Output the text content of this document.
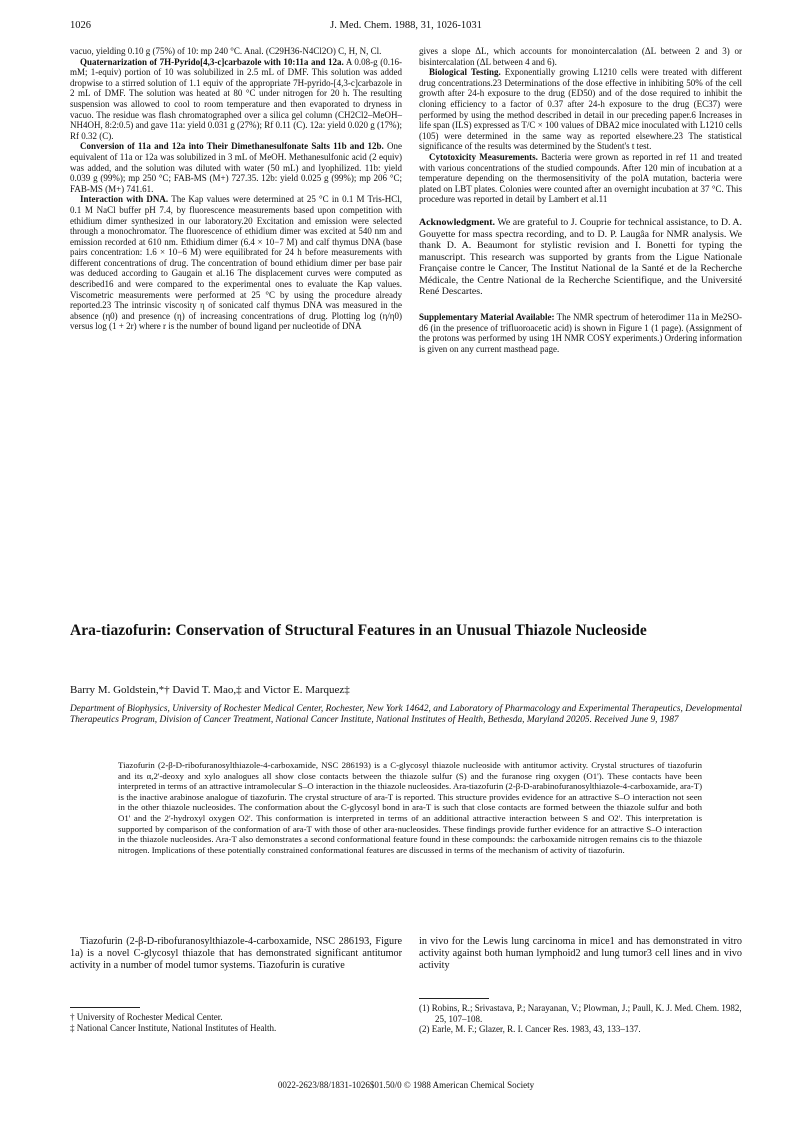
1026	J. Med. Chem. 1988, 31, 1026-1031

vacuo, yielding 0.10 g (75%) of 10: mp 240 °C. Anal. (C29H36-N4Cl2O) C, H, N, Cl.

Quaternarization of 7H-Pyrido[4,3-c]carbazole with 10:11a and 12a. A 0.08-g (0.16-mM; 1-equiv) portion of 10 was solubilized in 2.5 mL of DMF. This solution was added dropwise to a stirred solution of 1.1 equiv of the appropriate 7H-pyrido-[4,3-c]carbazole in 2 mL of DMF. The solution was heated at 80 °C under nitrogen for 20 h. The resulting suspension was allowed to cool to room temperature and then evaporated to dryness in vacuo. The residue was flash chromatographed over a silica gel column (CH2Cl2–MeOH–NH4OH, 8:2:0.5) and gave 11a: yield 0.031 g (27%); Rf 0.11 (C). 12a: yield 0.020 g (17%); Rf 0.32 (C).

Conversion of 11a and 12a into Their Dimethanesulfonate Salts 11b and 12b. One equivalent of 11a or 12a was solubilized in 3 mL of MeOH. Methanesulfonic acid (2 equiv) was added, and the solution was diluted with water (50 mL) and lyophilized. 11b: yield 0.039 g (99%); mp 250 °C; FAB-MS (M+) 727.35. 12b: yield 0.025 g (99%); mp 206 °C; FAB-MS (M+) 741.61.

Interaction with DNA. The Kap values were determined at 25 °C in 0.1 M Tris-HCl, 0.1 M NaCl buffer pH 7.4, by fluorescence measurements based upon competition with ethidium dimer synthesized in our laboratory.20 Excitation and emission were selected through a monochromator. The fluorescence of ethidium dimer was excited at 540 nm and emission recorded at 610 nm. Ethidium dimer (6.4 × 10−7 M) and calf thymus DNA (base pairs concentration: 1.6 × 10−6 M) were equilibrated for 24 h before measurements with different concentrations of drug. The concentration of bound ethidium dimer per base pair was deduced according to Gaugain et al.16 The displacement curves were computed as described16 and were compared to the experimental ones to evaluate the Kap values. Viscometric measurements were performed at 25 °C by using the procedure already reported.23 The intrinsic viscosity η of sonicated calf thymus DNA was measured in the absence (η0) and presence (η) of increasing concentrations of drug. Plotting log (η/η0) versus log (1 + 2r) where r is the number of bound ligand per nucleotide of DNA

gives a slope ΔL, which accounts for monointercalation (ΔL between 2 and 3) or bisintercalation (ΔL between 4 and 6).

Biological Testing. Exponentially growing L1210 cells were treated with different drug concentrations.23 Determinations of the dose effective in inhibiting 50% of the cell growth after 24-h exposure to the drug (ED50) and of the dose required to inhibit the cloning efficiency to a factor of 0.37 after 24-h exposure to the drug (EC37) were performed by using the method described in detail in our preceding paper.6 Increases in life span (ILS) expressed as T/C × 100 values of DBA2 mice inoculated with L1210 cells (105) were determined in the same way as reported elsewhere.23 The statistical significance of the results was determined by the Student's t test.

Cytotoxicity Measurements. Bacteria were grown as reported in ref 11 and treated with various concentrations of the studied compounds. After 120 min of incubation at a temperature depending on the thermosensitivity of the polA mutation, bacteria were plated on LBT plates. Colonies were counted after an overnight incubation at 37 °C. This procedure was reported in detail by Lambert et al.11

Acknowledgment. We are grateful to J. Couprie for technical assistance, to D. A. Gouyette for mass spectra recording, and to D. P. Laugâa for NMR analysis. We thank D. A. Beaumont for stylistic revision and I. Bonetti for typing the manuscript. This research was supported by grants from the Ligue Nationale Française contre le Cancer, The Institut National de la Santé et de la Recherche Médicale, the Centre National de la Recherche Scientifique, and the Université René Descartes.

Supplementary Material Available: The NMR spectrum of heterodimer 11a in Me2SO-d6 (in the presence of trifluoroacetic acid) is shown in Figure 1 (1 page). (Assignment of the protons was performed by using 1H NMR COSY experiments.) Ordering information is given on any current masthead page.

Ara-tiazofurin: Conservation of Structural Features in an Unusual Thiazole Nucleoside
Barry M. Goldstein,*† David T. Mao,‡ and Victor E. Marquez‡
Department of Biophysics, University of Rochester Medical Center, Rochester, New York 14642, and Laboratory of Pharmacology and Experimental Therapeutics, Developmental Therapeutics Program, Division of Cancer Treatment, National Cancer Institute, National Institutes of Health, Bethesda, Maryland 20205. Received June 9, 1987
Tiazofurin (2-β-D-ribofuranosylthiazole-4-carboxamide, NSC 286193) is a C-glycosyl thiazole nucleoside with antitumor activity. Crystal structures of tiazofurin and its α,2'-deoxy and xylo analogues all show close contacts between the thiazole sulfur (S) and the furanose ring oxygen (O1'). These contacts have been interpreted in terms of an attractive intramolecular S–O interaction in the thiazole nucleosides. Ara-tiazofurin (2-β-D-arabinofuranosylthiazole-4-carboxamide, ara-T) is the inactive arabinose analogue of tiazofurin. The crystal structure of ara-T is reported. This structure provides evidence for an attractive S–O interaction not seen in the other thiazole nucleosides. The conformation about the C-glycosyl bond in ara-T is such that close contacts are formed between the thiazole sulfur and both O1' and the 2'-hydroxyl oxygen O2'. This conformation is interpreted in terms of an additional attractive interaction between S and O2'. This interpretation is supported by comparison of the conformation of ara-T with those of other ara-nucleosides. These findings provide further evidence for an attractive S–O interaction in the thiazole nucleosides. Ara-T also demonstrates a second conformational feature found in these compounds: the carboxamide nitrogen remains cis to the thiazole nitrogen. Implications of these potentially constrained conformational features are discussed in terms of the mechanism of activity of tiazofurin.
Tiazofurin (2-β-D-ribofuranosylthiazole-4-carboxamide, NSC 286193, Figure 1a) is a novel C-glycosyl thiazole that has demonstrated significant antitumor activity in a number of model tumor systems. Tiazofurin is curative
in vivo for the Lewis lung carcinoma in mice1 and has demonstrated in vitro activity against both human lymphoid2 and lung tumor3 cell lines and in vivo activity
† University of Rochester Medical Center.
‡ National Cancer Institute, National Institutes of Health.
(1) Robins, R.; Srivastava, P.; Narayanan, V.; Plowman, J.; Paull, K. J. Med. Chem. 1982, 25, 107–108.
(2) Earle, M. F.; Glazer, R. I. Cancer Res. 1983, 43, 133–137.
0022-2623/88/1831-1026$01.50/0 © 1988 American Chemical Society
